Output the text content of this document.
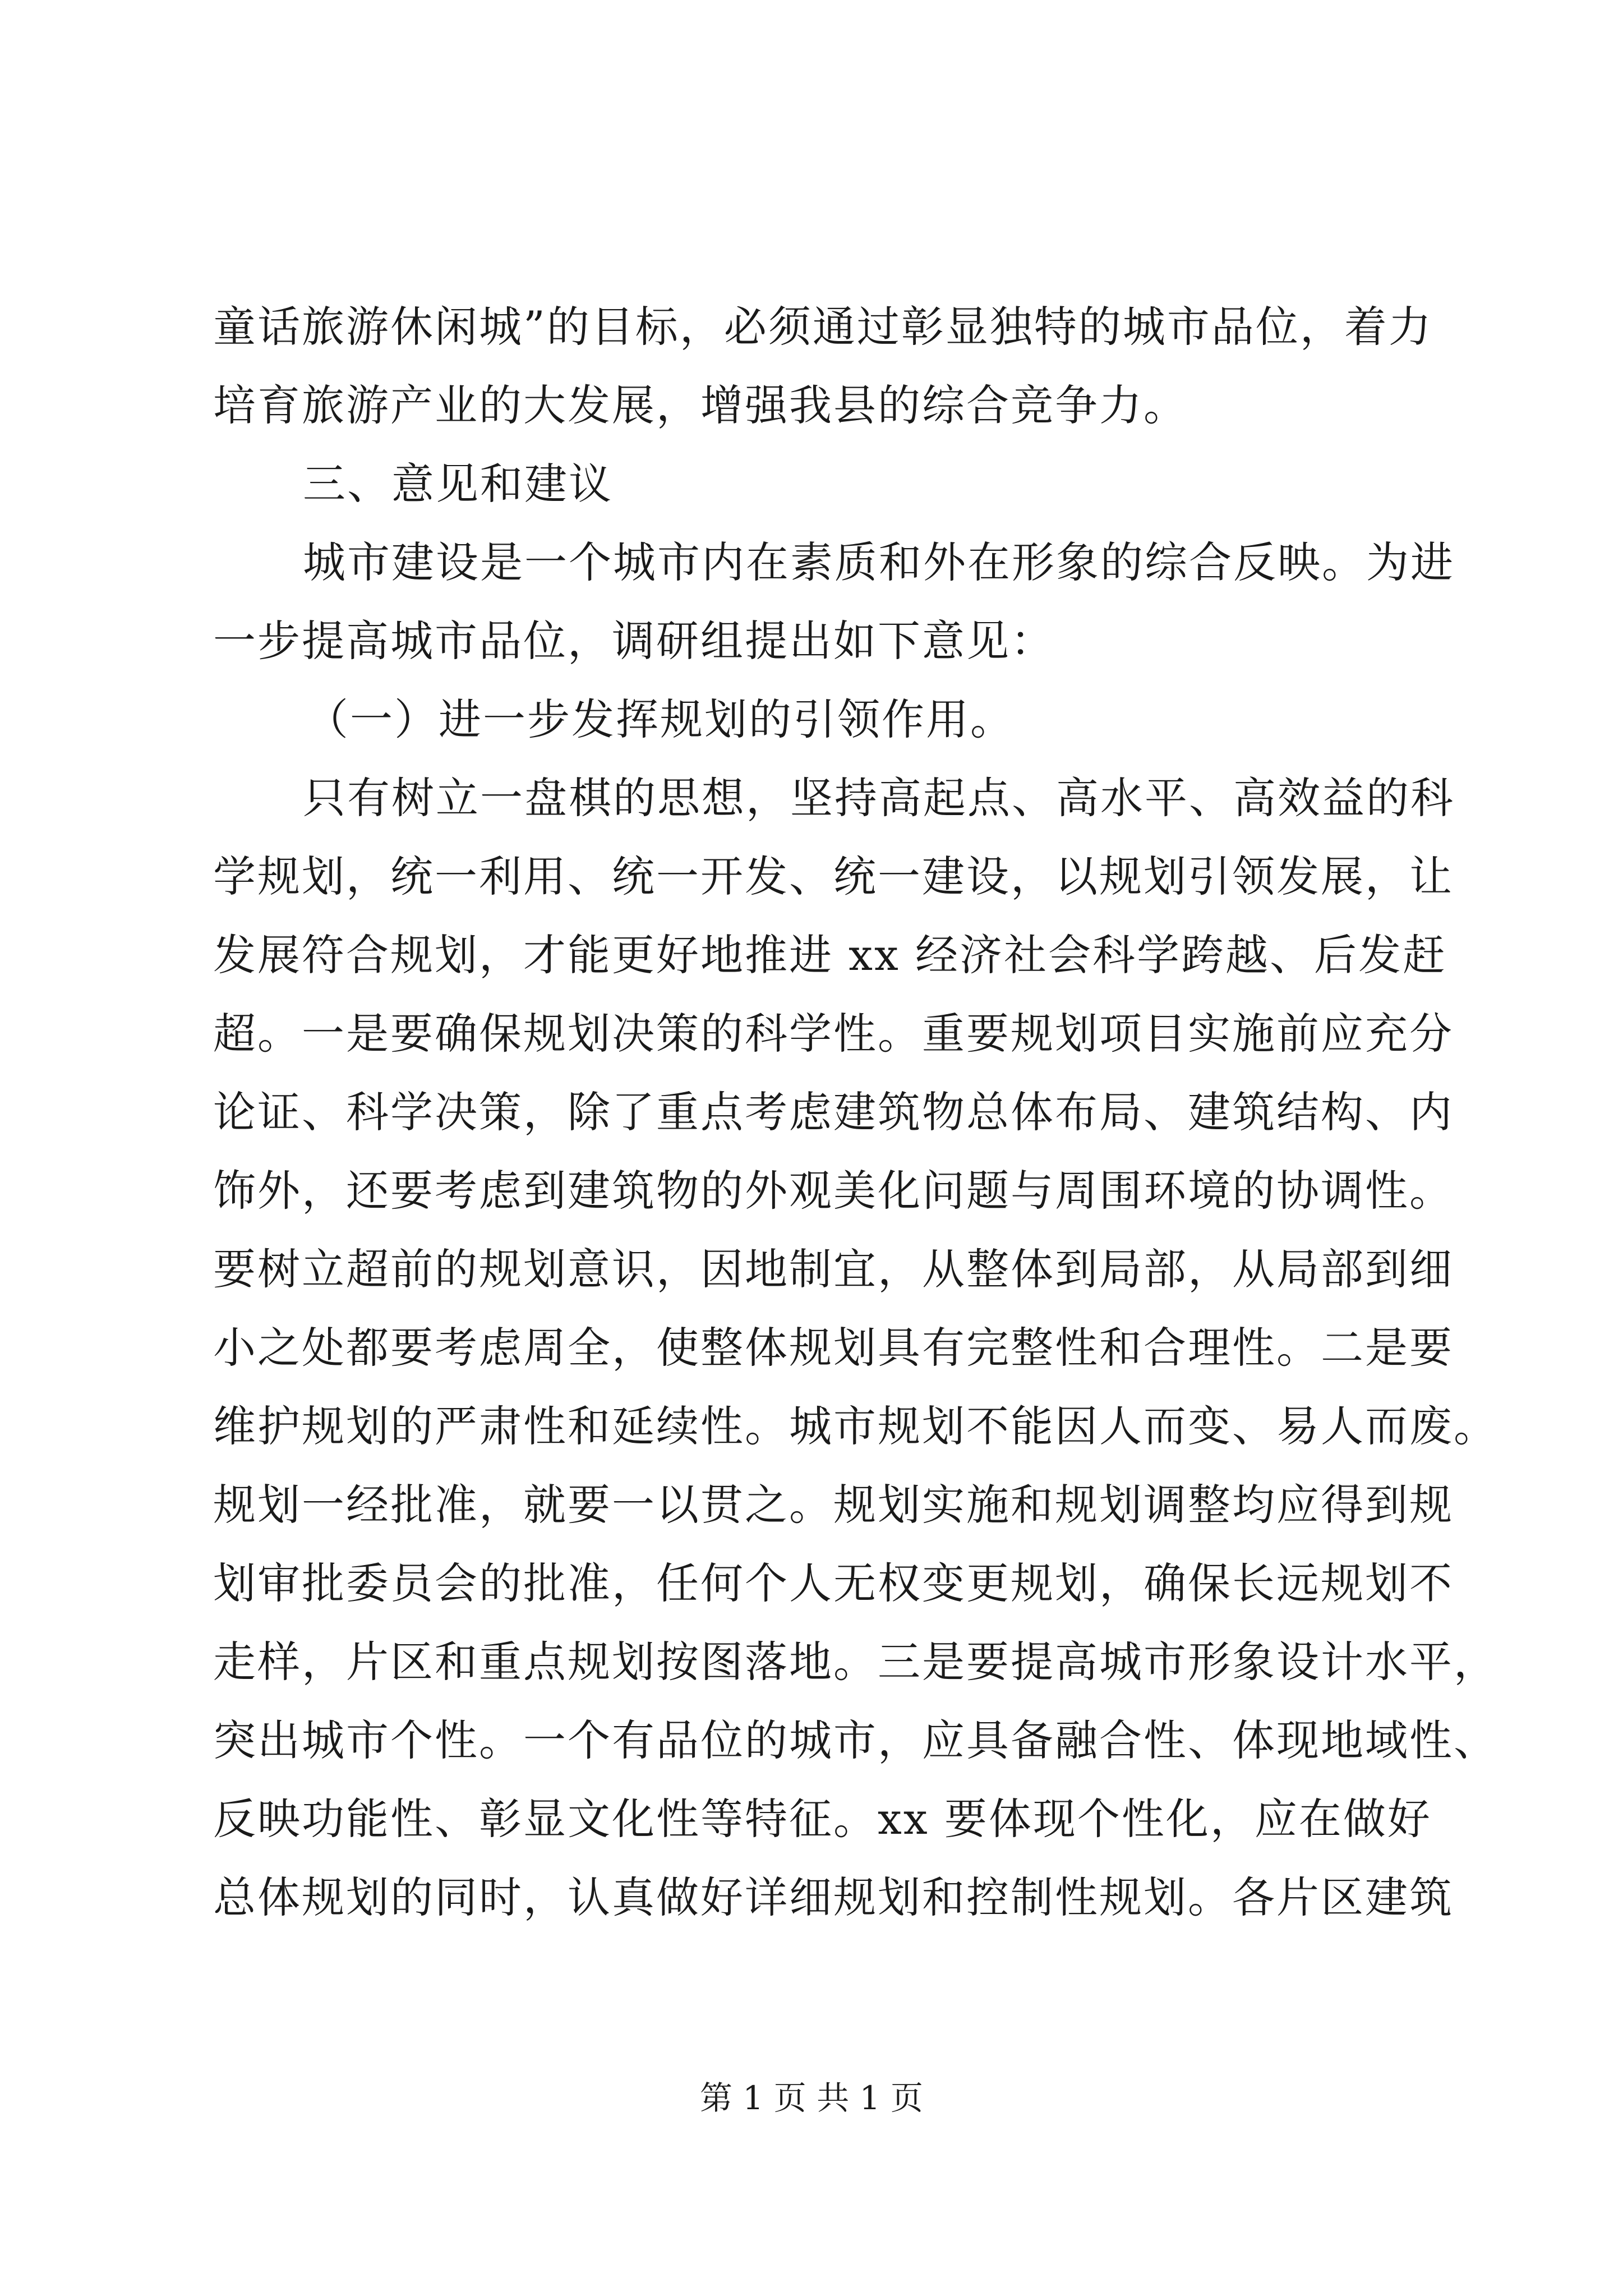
童话旅游休闲城”的目标，必须通过彰显独特的城市品位，着力
培育旅游产业的大发展，增强我县的综合竞争力。
三、意见和建议
城市建设是一个城市内在素质和外在形象的综合反映。为进
一步提高城市品位，调研组提出如下意见：
（一）进一步发挥规划的引领作用。
只有树立一盘棋的思想，坚持高起点、高水平、高效益的科
学规划，统一利用、统一开发、统一建设，以规划引领发展，让
发展符合规划，才能更好地推进 xx 经济社会科学跨越、后发赶
超。一是要确保规划决策的科学性。重要规划项目实施前应充分
论证、科学决策，除了重点考虑建筑物总体布局、建筑结构、内
饰外，还要考虑到建筑物的外观美化问题与周围环境的协调性。
要树立超前的规划意识，因地制宜，从整体到局部，从局部到细
小之处都要考虑周全，使整体规划具有完整性和合理性。二是要
维护规划的严肃性和延续性。城市规划不能因人而变、易人而废。
规划一经批准，就要一以贯之。规划实施和规划调整均应得到规
划审批委员会的批准，任何个人无权变更规划，确保长远规划不
走样，片区和重点规划按图落地。三是要提高城市形象设计水平，
突出城市个性。一个有品位的城市，应具备融合性、体现地域性、
反映功能性、彰显文化性等特征。xx 要体现个性化，应在做好
总体规划的同时，认真做好详细规划和控制性规划。各片区建筑
第 1 页 共 1 页
